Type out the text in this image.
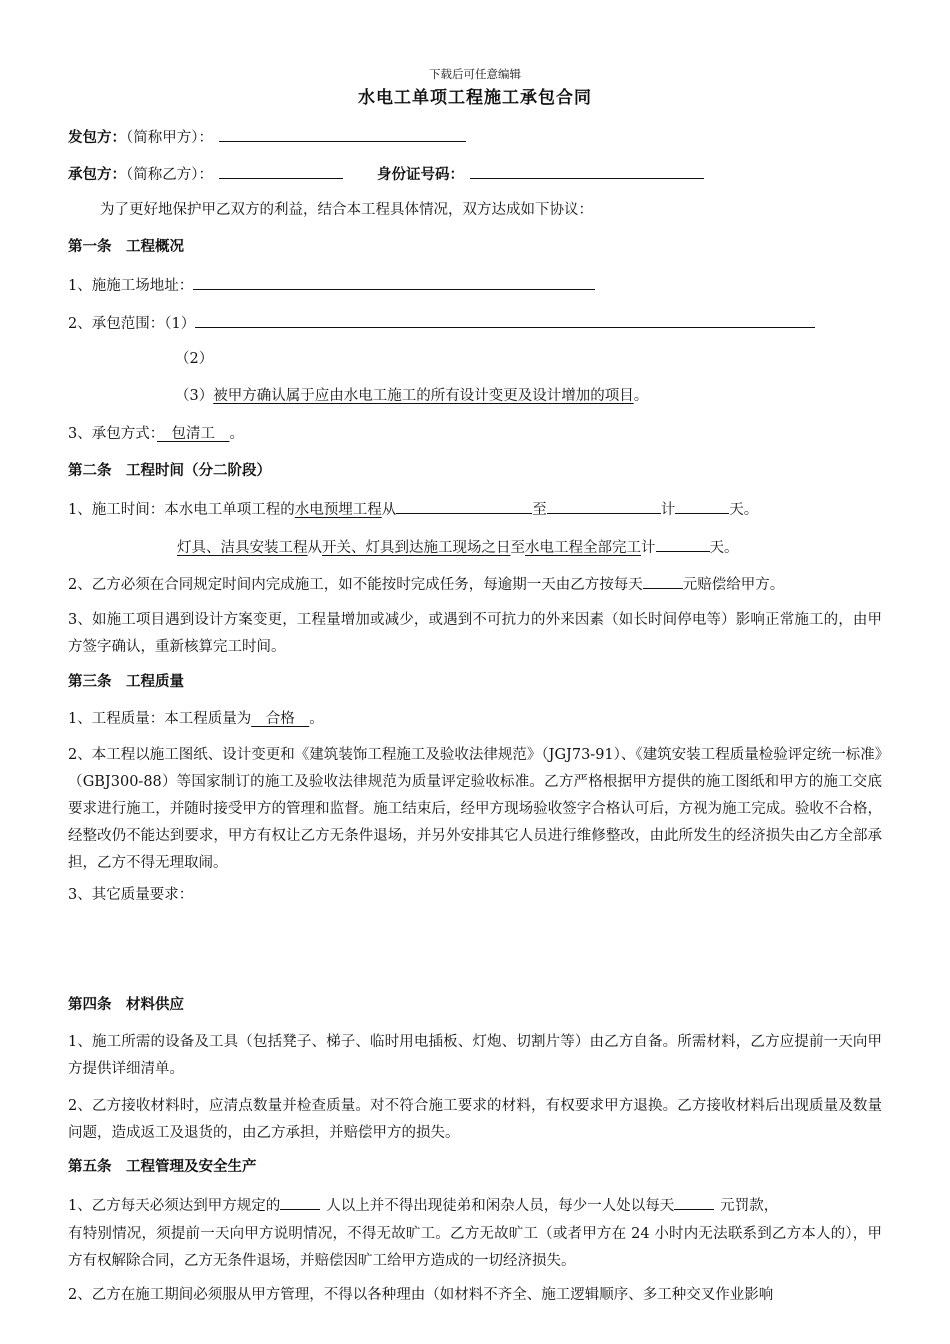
下载后可任意编辑
水电工单项工程施工承包合同
发包方：（简称甲方）：
承包方：（简称乙方）：	身份证号码：
为了更好地保护甲乙双方的利益，结合本工程具体情况，双方达成如下协议：
第一条　工程概况
1、施施工场地址：
2、承包范围：（1）
（2）
（3）被甲方确认属于应由水电工施工的所有设计变更及设计增加的项目。
3、承包方式：　包清工　。
第二条　工程时间（分二阶段）
1、施工时间：本水电工单项工程的水电预埋工程从	至	计	天。
灯具、洁具安装工程从开关、灯具到达施工现场之日至水电工程全部完工计	天。
2、乙方必须在合同规定时间内完成施工，如不能按时完成任务，每逾期一天由乙方按每天	元赔偿给甲方。
3、如施工项目遇到设计方案变更，工程量增加或减少，或遇到不可抗力的外来因素（如长时间停电等）影响正常施工的，由甲方签字确认，重新核算完工时间。
第三条　工程质量
1、工程质量：本工程质量为　合格　。
2、本工程以施工图纸、设计变更和《建筑装饰工程施工及验收法律规范》（JGJ73-91）、《建筑安装工程质量检验评定统一标准》（GBJ300-88）等国家制订的施工及验收法律规范为质量评定验收标准。乙方严格根据甲方提供的施工图纸和甲方的施工交底要求进行施工，并随时接受甲方的管理和监督。施工结束后，经甲方现场验收签字合格认可后，方视为施工完成。验收不合格，经整改仍不能达到要求，甲方有权让乙方无条件退场，并另外安排其它人员进行维修整改，由此所发生的经济损失由乙方全部承担，乙方不得无理取闹。
3、其它质量要求：
第四条　材料供应
1、施工所需的设备及工具（包括凳子、梯子、临时用电插板、灯炮、切割片等）由乙方自备。所需材料，乙方应提前一天向甲方提供详细清单。
2、乙方接收材料时，应清点数量并检查质量。对不符合施工要求的材料，有权要求甲方退换。乙方接收材料后出现质量及数量问题，造成返工及退货的，由乙方承担，并赔偿甲方的损失。
第五条　工程管理及安全生产
1、乙方每天必须达到甲方规定的	人以上并不得出现徒弟和闲杂人员，每少一人处以每天	元罚款，
有特别情况，须提前一天向甲方说明情况，不得无故旷工。乙方无故旷工（或者甲方在 24 小时内无法联系到乙方本人的），甲方有权解除合同，乙方无条件退场，并赔偿因旷工给甲方造成的一切经济损失。
2、乙方在施工期间必须服从甲方管理，不得以各种理由（如材料不齐全、施工逻辑顺序、多工种交叉作业影响
